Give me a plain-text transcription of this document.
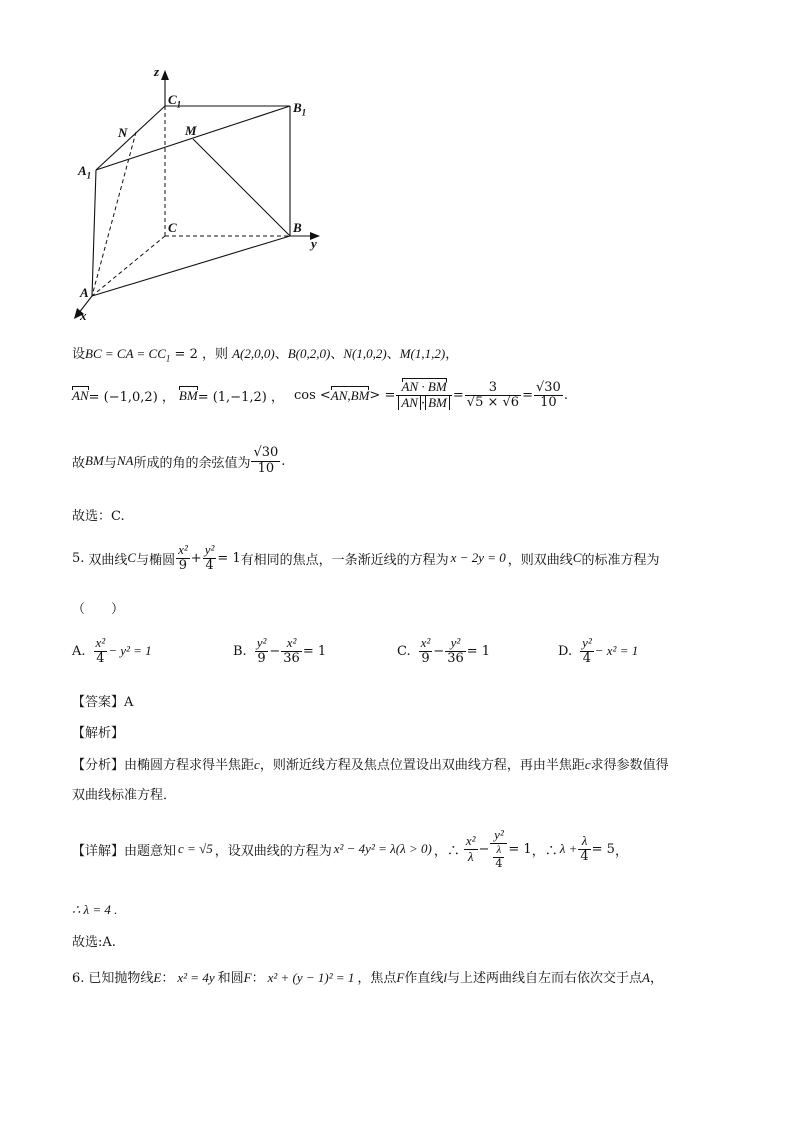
z
$C_1$	$B_1$
N	M
$A_1$
C	B
y
A
x
设BC = CA = $CC_1 = 2$ ，则 A(2,0,0)、B(0,2,0)、N(1,0,2)、M(1,1,2)，
AN = (−1,0,2) ， BM = (1,−1,2) ， cos < AN,BM > = $\frac{AN \cdot BM}{AN \cdot BM} = \frac{3}{√5 \times √6} = \frac{√30}{10}$ .
故 BM 与 NA 所成的角的余弦值为 $\frac{√30}{10}$ .
故选：C.
5. 双曲线 C 与椭圆 $\frac{\text{x²}}{9} + \frac{\text{y²}}{4} = 1$ 有相同的焦点，一条渐近线的方程为 x − 2y = 0 ，则双曲线 C 的标准方程为
（　　）
A. $\frac{\text{x²}}{4} - y^2 = 1$	B. $\frac{\text{y²}}{9} - \frac{\text{x²}}{36} = 1$	C. $\frac{\text{x²}}{9} - \frac{\text{y²}}{36} = 1$	D. $\frac{\text{y²}}{4} - x^2 = 1$
【答案】A
【解析】
【分析】由椭圆方程求得半焦距c，则渐近线方程及焦点位置设出双曲线方程，再由半焦距c求得参数值得
双曲线标准方程．
【详解】 由题意知 c = √5 ，设双曲线的方程为 x² − 4y² = λ(λ > 0) ，∴ $\frac{\text{x²}}{\lambda} - \frac{\text{y²}}{\frac{\lambda}{4}} = 1$ ，∴ $\lambda + \frac{\lambda}{4} = 5$ ，
∴ λ = 4 .
故选:A.
6. 已知抛物线E： x² = 4y 和圆F： x² + (y − 1)² = 1 ，焦点F作直线l与上述两曲线自左而右依次交于点A，
